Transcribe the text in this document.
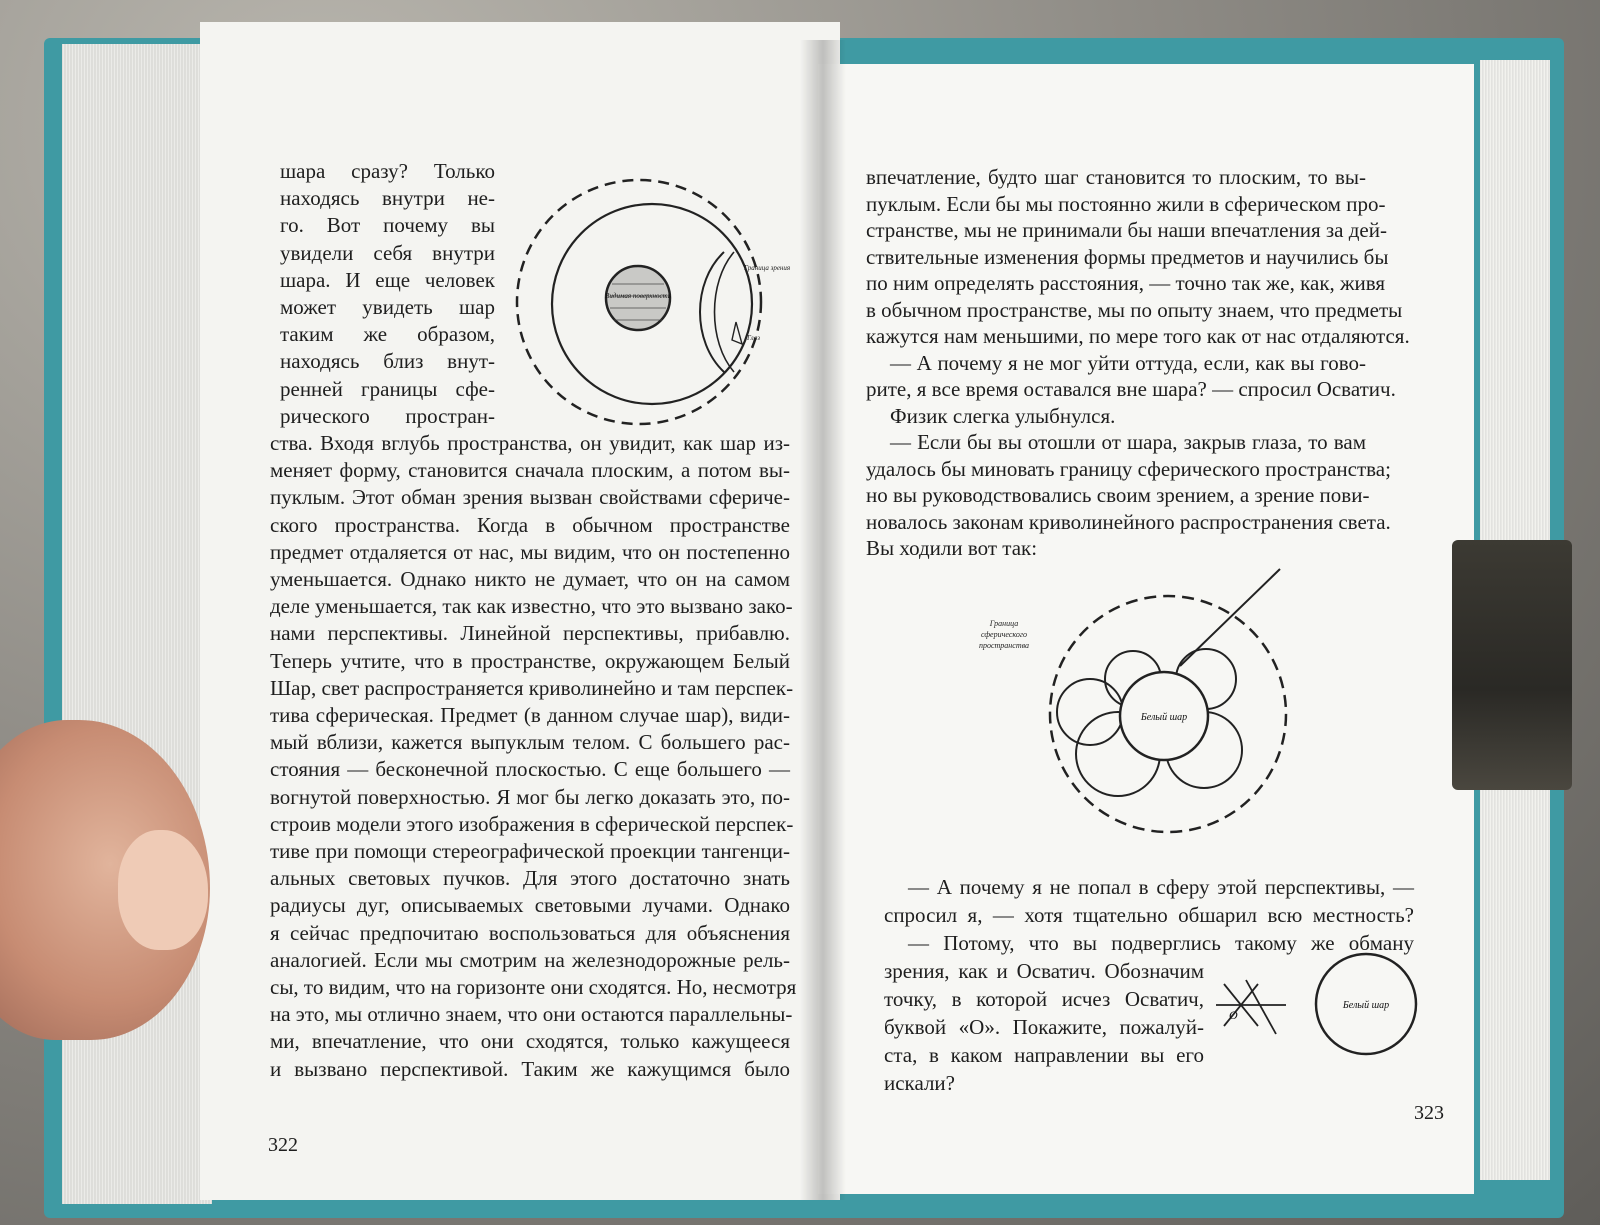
шара сразу? Только
находясь внутри не-
го. Вот почему вы
увидели себя внутри
шара. И еще человек
может увидеть шар
таким же образом,
находясь близ внут-
ренней границы сфе-
рического простран-
ства. Входя вглубь пространства, он увидит, как шар из-
меняет форму, становится сначала плоским, а потом вы-
пуклым. Этот обман зрения вызван свойствами сфериче-
ского пространства. Когда в обычном пространстве
предмет отдаляется от нас, мы видим, что он постепенно
уменьшается. Однако никто не думает, что он на самом
деле уменьшается, так как известно, что это вызвано зако-
нами перспективы. Линейной перспективы, прибавлю.
Теперь учтите, что в пространстве, окружающем Белый
Шар, свет распространяется криволинейно и там перспек-
тива сферическая. Предмет (в данном случае шар), види-
мый вблизи, кажется выпуклым телом. С большего рас-
стояния — бесконечной плоскостью. С еще большего —
вогнутой поверхностью. Я мог бы легко доказать это, по-
строив модели этого изображения в сферической перспек-
тиве при помощи стереографической проекции тангенци-
альных световых пучков. Для этого достаточно знать
радиусы дуг, описываемых световыми лучами. Однако
я сейчас предпочитаю воспользоваться для объяснения
аналогией. Если мы смотрим на железнодорожные рель-
сы, то видим, что на горизонте они сходятся. Но, несмотря
на это, мы отлично знаем, что они остаются параллельны-
ми, впечатление, что они сходятся, только кажущееся
и вызвано перспективой. Таким же кажущимся было
Видимая поверхность
Граница зрения
Глаз
322
впечатление, будто шаг становится то плоским, то вы-
пуклым. Если бы мы постоянно жили в сферическом про-
странстве, мы не принимали бы наши впечатления за дей-
ствительные изменения формы предметов и научились бы
по ним определять расстояния, — точно так же, как, живя
в обычном пространстве, мы по опыту знаем, что предметы
кажутся нам меньшими, по мере того как от нас отдаляются.
— А почему я не мог уйти оттуда, если, как вы гово-
рите, я все время оставался вне шара? — спросил Осватич.
Физик слегка улыбнулся.
— Если бы вы отошли от шара, закрыв глаза, то вам
удалось бы миновать границу сферического пространства;
но вы руководствовались своим зрением, а зрение пови-
новалось законам криволинейного распространения света.
Вы ходили вот так:
Белый шар
Граница
сферического
пространства
— А почему я не попал в сферу этой перспективы, —
спросил я, — хотя тщательно обшарил всю местность?
— Потому, что вы подверглись такому же обману
зрения, как и Осватич. Обозначим
точку, в которой исчез Осватич,
буквой «О». Покажите, пожалуй-
ста, в каком направлении вы его
искали?
O
Белый шар
323
